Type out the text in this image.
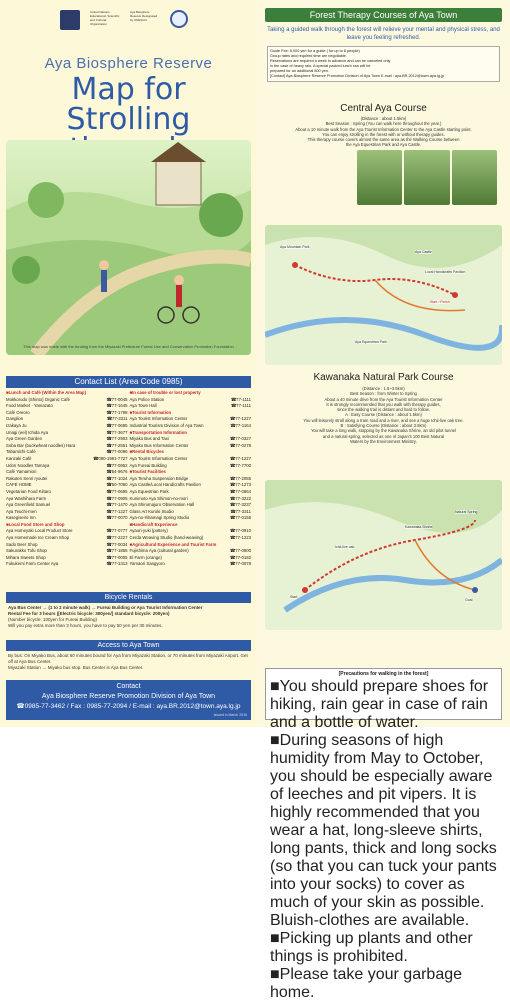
United Nations Educational, Scientific and Cultural Organization
Aya Biosphere Reserve Designated by UNESCO
Aya Biosphere Reserve
Map for Strolling
This map was made with the funding from the Miyazaki Prefecture Forest Use and Conservation Promotion Foundation
Contact List (Area Code 0985)
■Lunch and Café (Within the Area Map)
Mokkorudo (Shinto) Organic Café	☎77-0045
Food Market · Yamazato	☎77-1645
Café Oreoro	☎77-1798
Ganglion	☎77-3311
Izakaya Ju	☎77-0695
Unagi (eel) Ichida Aya	☎77-3677
Aya Green Garden	☎77-2903
Soba Bar (buckwheat noodles) Hara	☎77-2551
Tabamichi Café	☎77-0096
Kanzaki Café	☎090-1991-7727
Udon Noodles Tamaya	☎77-0952
Café Yamamiori	☎54-9676
Rakuten Senri ryoutei	☎77-1024
CAFÉ HOME	☎50-7050
Vegetarian Food Kiitaro	☎77-0695
Aya Washihara Farm	☎77-0905
Aya Greenfield Samuel	☎77-1470
Aya Teuchi-men	☎77-1227
Kasegiseiro Inn	☎77-0070
■Local Food Store and Shop
Aya Homeyaki Local Product Store	☎77-0777
Aya Homemade Ice Cream Shop	☎77-2227
Sado Beer Shop	☎77-0034
Sakurakko Tofu Shop	☎77-1855
Mihara Sweets Shop	☎77-0005
Fukukemi Farm Center Aya	☎77-1313
■In case of trouble or lost property
Aya Police Station	☎77-1111
Aya Town Hall	☎77-1111
■Tourist Information
Aya Tourist Information Center	☎77-1227
Industrial Tourism Division of Aya Town	☎77-1164
■Transportation Information
Miyako Bus and Taxi	☎77-0327
Miyako Bus Information Center	☎77-0278
■Rental Bicycles
Aya Tourist Information Center	☎77-1227
Aya Fureai Building	☎77-7700
■Tourist Facilities
Aya Teruha Suspension Bridge	☎77-2055
Aya Castle/Local Handicrafts Pavilion	☎77-1273
Aya Equestrian Park	☎77-0864
Kunimoto Aya Shimon-no-mori	☎77-3222
Aya Shirumajuro Observation Hall	☎77-3237
Glass Art Kuroki Studio	☎77-3311
Aya-no-Irihamagi Spring Studio	☎77-0156
■Handicraft Experience
Ayaori-yuki (pottery)	☎77-0910
Cerda Weaving Studio (hand-weaving)	☎77-1223
■Agricultural Experience and Tourist Farm
Fujishima Aya (cultural garden)	☎77-0900
El Farm (orange)	☎77-0182
Yamaori Sangyoro	☎77-0078
Bicycle Rentals
Aya Bus Center → (1 to 2 minute walk) → Fureai Building or Aya Tourist Information Center
Rental Fee for 3 hours ([Electric bicycle: 300yen/] standard bicycle: 200yen)
(Number bicycle: 100yen for Fureai Building)
Will you pay extra more than 3 hours, you have to pay 50 yen per 30 minutes.
Access to Aya Town
By bus: On Miyako Bus, about 60 minutes bound for Aya from Miyazaki Station, or 70 minutes from Miyazaki Airport. Get off at Aya Bus Center.
Miyazaki Station → Miyako bus stop. Bus Center is Aya Bus Center.
Contact
Aya Biosphere Reserve Promotion Division of Aya Town
☎0985-77-3462 / Fax : 0985-77-2094 / E-mail : aya.BR.2012@town.aya.lg.jp
issued in March 2016
Forest Therapy Courses of Aya Town
Taking a guided walk through the forest will relieve your mental and physical stress, and leave you feeling refreshed.
Guide Fee: 5,000 yen for a guide ( for up to 8 people)
Group rates and required time are negotiable.
Reservations are required a week in advance and can be canceled only
in the case of heavy rain. A special packed lunch can will be
prepared for an additional 800 yen.
[Contact] Aya Biosphere Reserve Promotion Division of Aya Town E-mail : aya.BR.2012@town.aya.lg.jp
Central Aya Course
(Distance : about 1.5km)
Best Season : Spring (You can walk here throughout the year.)
About a 10 minute walk from the Aya Tourist Information Center to the Aya Castle starting point.
You can enjoy strolling in the forest with or without therapy guides.
This therapy course covers almost the same area as the Walking Course between
the Aya Equestrian Park and Aya Castle.
Aya Castle
Aya Mountain Park
Local Handicrafts Pavilion
Aya Equestrian Park
Start / Finish
Kawanaka Natural Park Course
(Distance : 1.5~3.5km)
Best Season : from Winter to Spring
About a 40 minute drive from the Aya Tourist Information Center
It is strongly recommended that you walk with therapy guides,
since the walking trail is distant and hard to follow.
A : Easy Course (Distance : about 1.5km)
You will leisurely stroll along a tram road and a river, and see a huge Ichii-live oak tree.
B : Satisfying Course (Distance : about 3.5km)
You will take a long walk, stopping by the Kawanaka Shrine, an old pilot tunnel
and a natural spring, selected as one of Japan's 100 Best Natural
Waters by the Environment Ministry.
Kawanaka Shrine
Natural Spring
Ichii-live oak
Start
Goal
[Precautions for walking in the forest]
■You should prepare shoes for hiking, rain gear in case of rain and a bottle of water.
■During seasons of high humidity from May to October, you should be especially aware of leeches and pit vipers. It is highly recommended that you wear a hat, long-sleeve shirts, long pants, thick and long socks (so that you can tuck your pants into your socks) to cover as much of your skin as possible. Bluish-clothes are available.
■Picking up plants and other things is prohibited.
■Please take your garbage home.
